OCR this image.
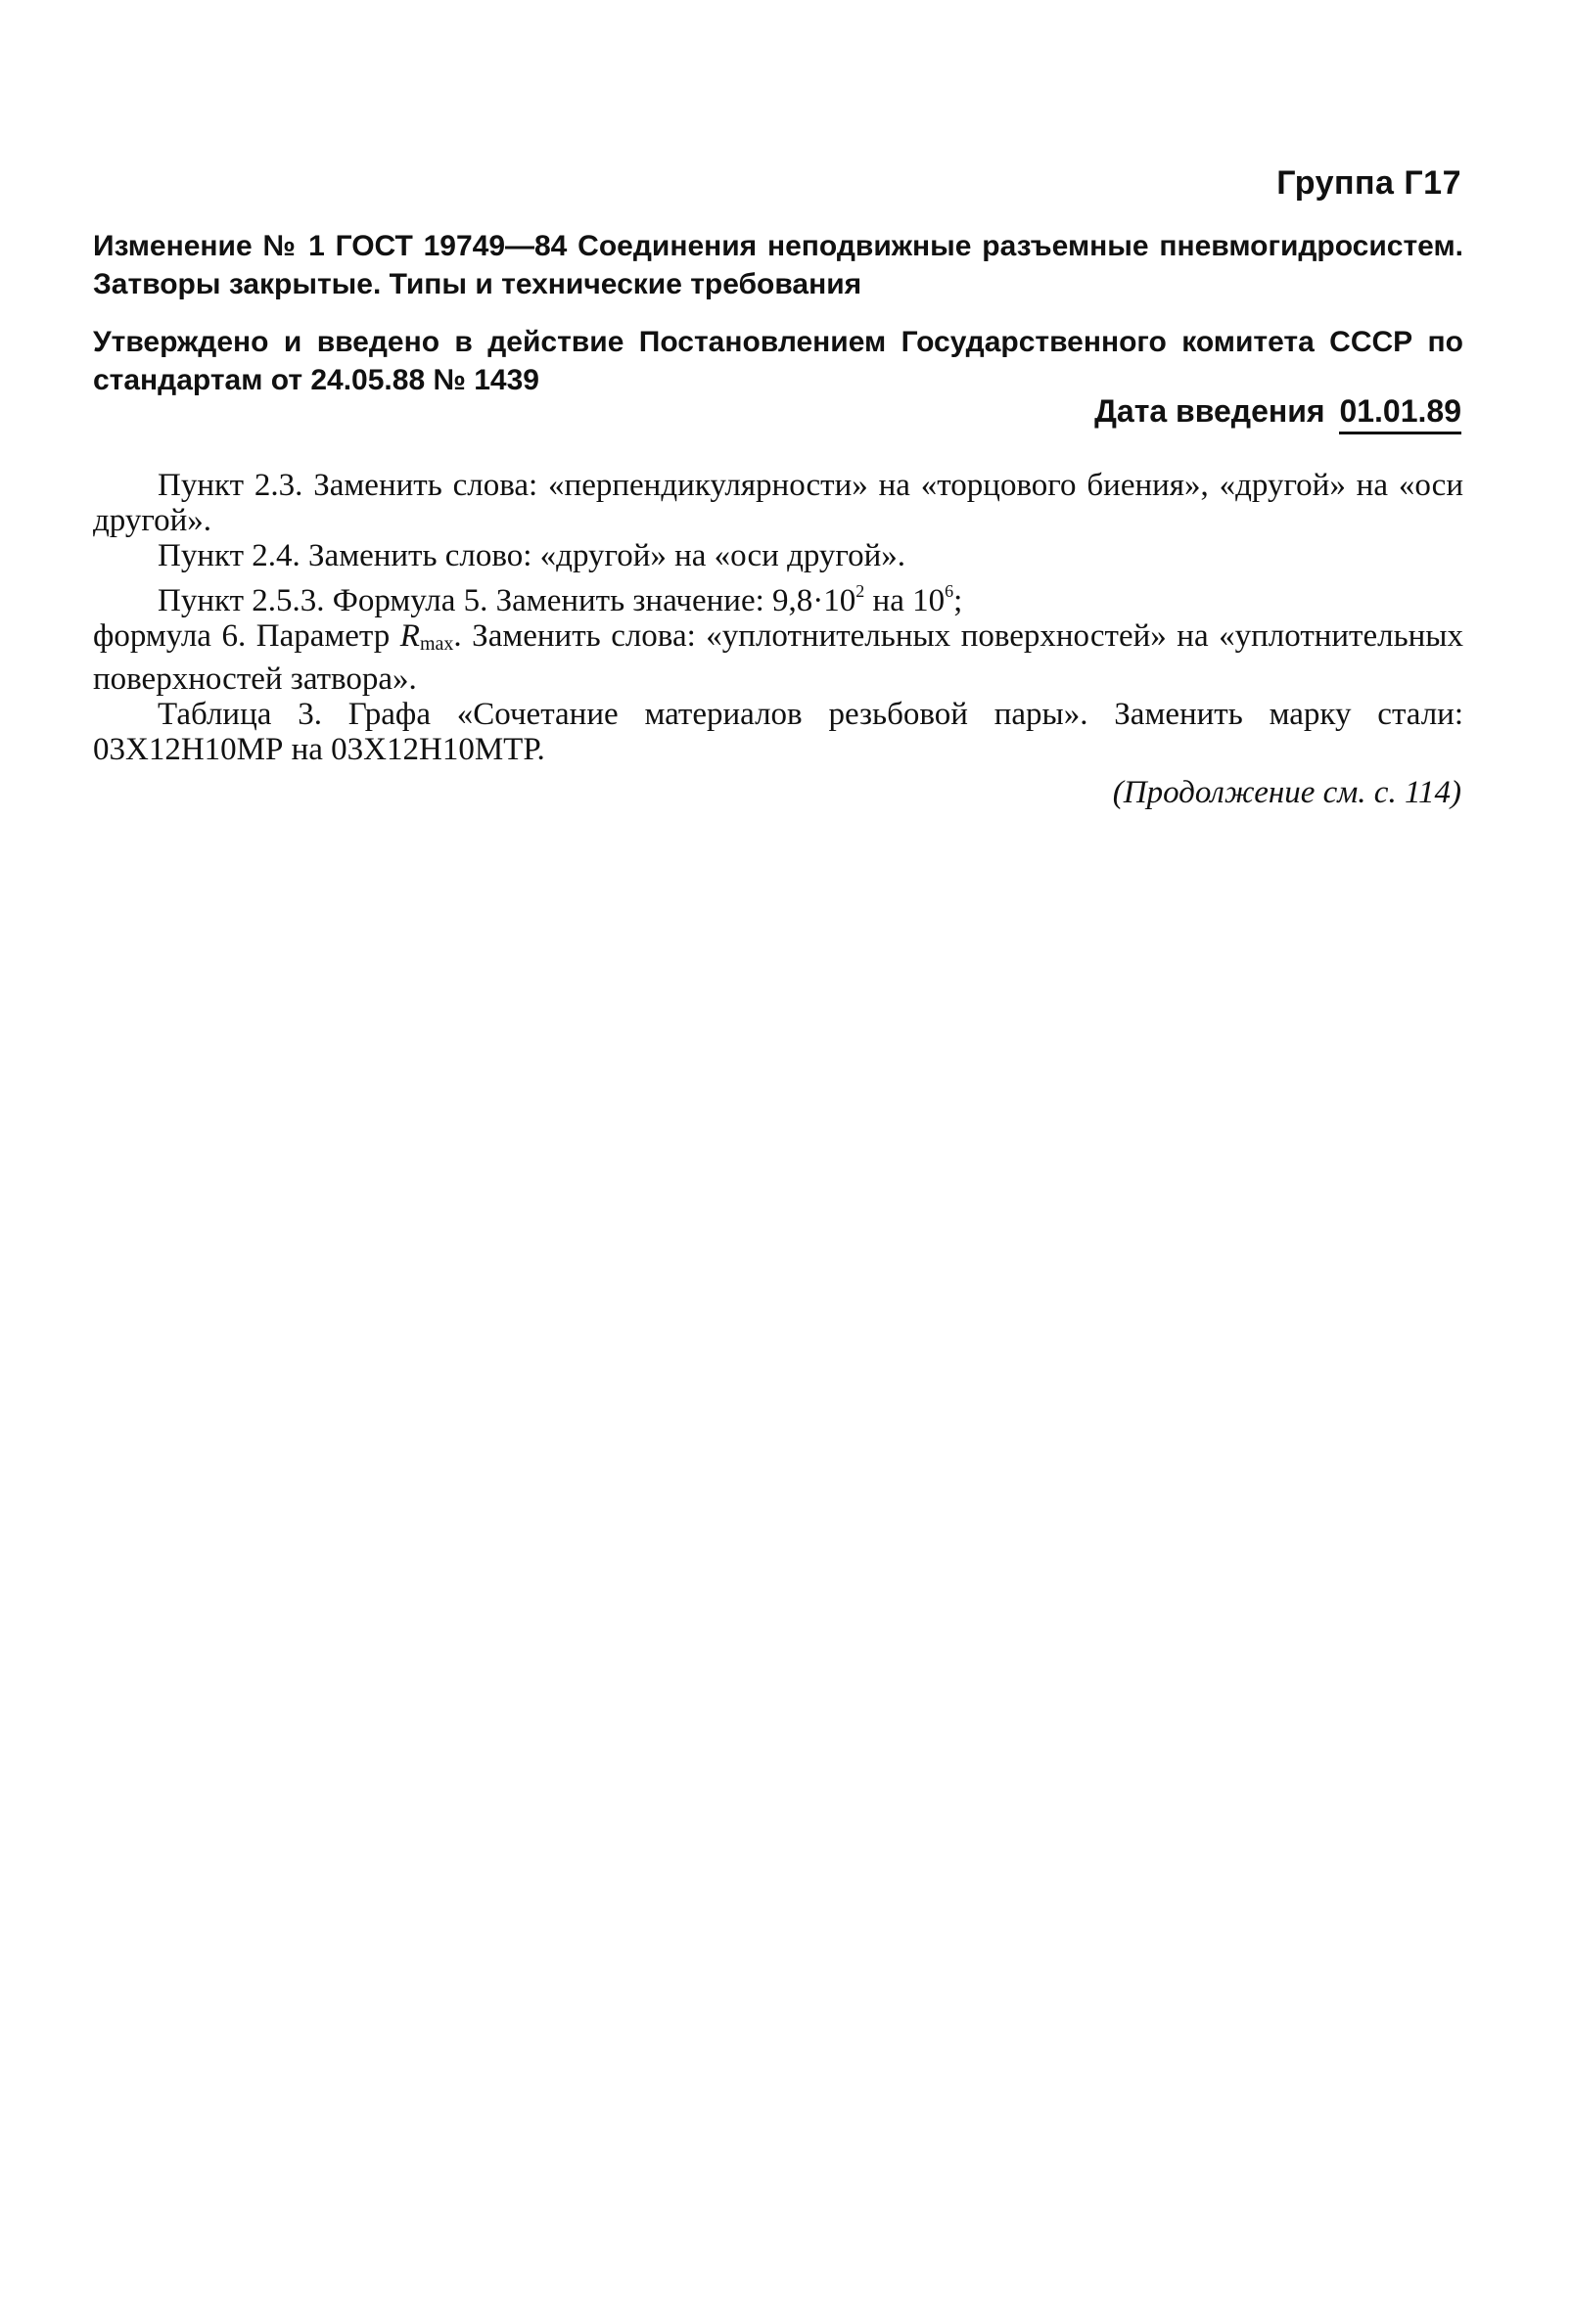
Группа Г17
Изменение № 1 ГОСТ 19749—84 Соединения неподвижные разъемные пневмогидросистем. Затворы закрытые. Типы и технические требования
Утверждено и введено в действие Постановлением Государственного комитета СССР по стандартам от 24.05.88 № 1439
Дата введения 01.01.89

Пункт 2.3. Заменить слова: «перпендикулярности» на «торцового биения», «другой» на «оси другой».

Пункт 2.4. Заменить слово: «другой» на «оси другой».

Пункт 2.5.3. Формула 5. Заменить значение: $9,8\cdot 10^2$ на $10^6$;

формула 6. Параметр $R_{max}$. Заменить слова: «уплотнительных поверхностей» на «уплотнительных поверхностей затвора».

Таблица 3. Графа «Сочетание материалов резьбовой пары». Заменить марку стали: 03Х12Н10МР на 03Х12Н10МТР.

(Продолжение см. с. 114)
